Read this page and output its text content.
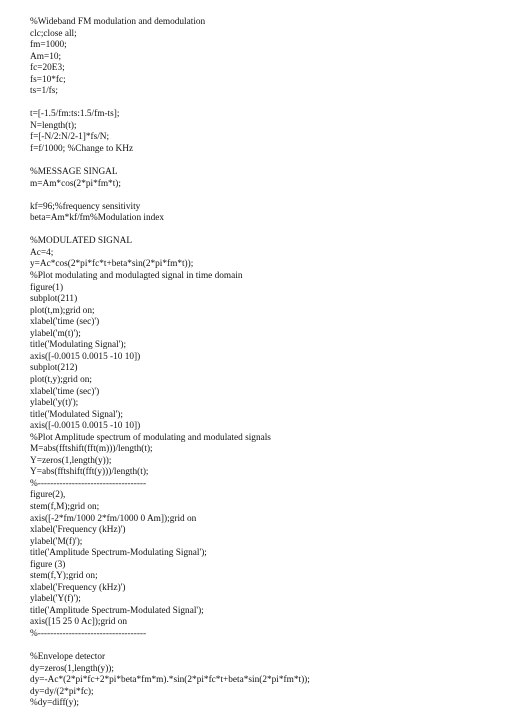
%Wideband FM modulation and demodulation
clc;close all;
fm=1000;
Am=10;
fc=20E3;
fs=10*fc;
ts=1/fs;
t=[-1.5/fm:ts:1.5/fm-ts];
N=length(t);
f=[-N/2:N/2-1]*fs/N;
f=f/1000; %Change to KHz
%MESSAGE SINGAL
m=Am*cos(2*pi*fm*t);
kf=96;%frequency sensitivity
beta=Am*kf/fm%Modulation index
%MODULATED SIGNAL
Ac=4;
y=Ac*cos(2*pi*fc*t+beta*sin(2*pi*fm*t));
%Plot modulating and modulagted signal in time domain
figure(1)
subplot(211)
plot(t,m);grid on;
xlabel('time (sec)')
ylabel('m(t)');
title('Modulating Signal');
axis([-0.0015 0.0015 -10 10])
subplot(212)
plot(t,y);grid on;
xlabel('time (sec)')
ylabel('y(t)');
title('Modulated Signal');
axis([-0.0015 0.0015 -10 10])
%Plot Amplitude spectrum of modulating and modulated signals
M=abs(fftshift(fft(m)))/length(t);
Y=zeros(1,length(y));
Y=abs(fftshift(fft(y)))/length(t);
%-----------------------------------
figure(2),
stem(f,M);grid on;
axis([-2*fm/1000 2*fm/1000 0 Am]);grid on
xlabel('Frequency (kHz)')
ylabel('M(f)');
title('Amplitude Spectrum-Modulating Signal');
figure (3)
stem(f,Y);grid on;
xlabel('Frequency (kHz)')
ylabel('Y(f)');
title('Amplitude Spectrum-Modulated Signal');
axis([15 25 0 Ac]);grid on
%-----------------------------------
%Envelope detector
dy=zeros(1,length(y));
dy=-Ac*(2*pi*fc+2*pi*beta*fm*m).*sin(2*pi*fc*t+beta*sin(2*pi*fm*t));
dy=dy/(2*pi*fc);
%dy=diff(y);
